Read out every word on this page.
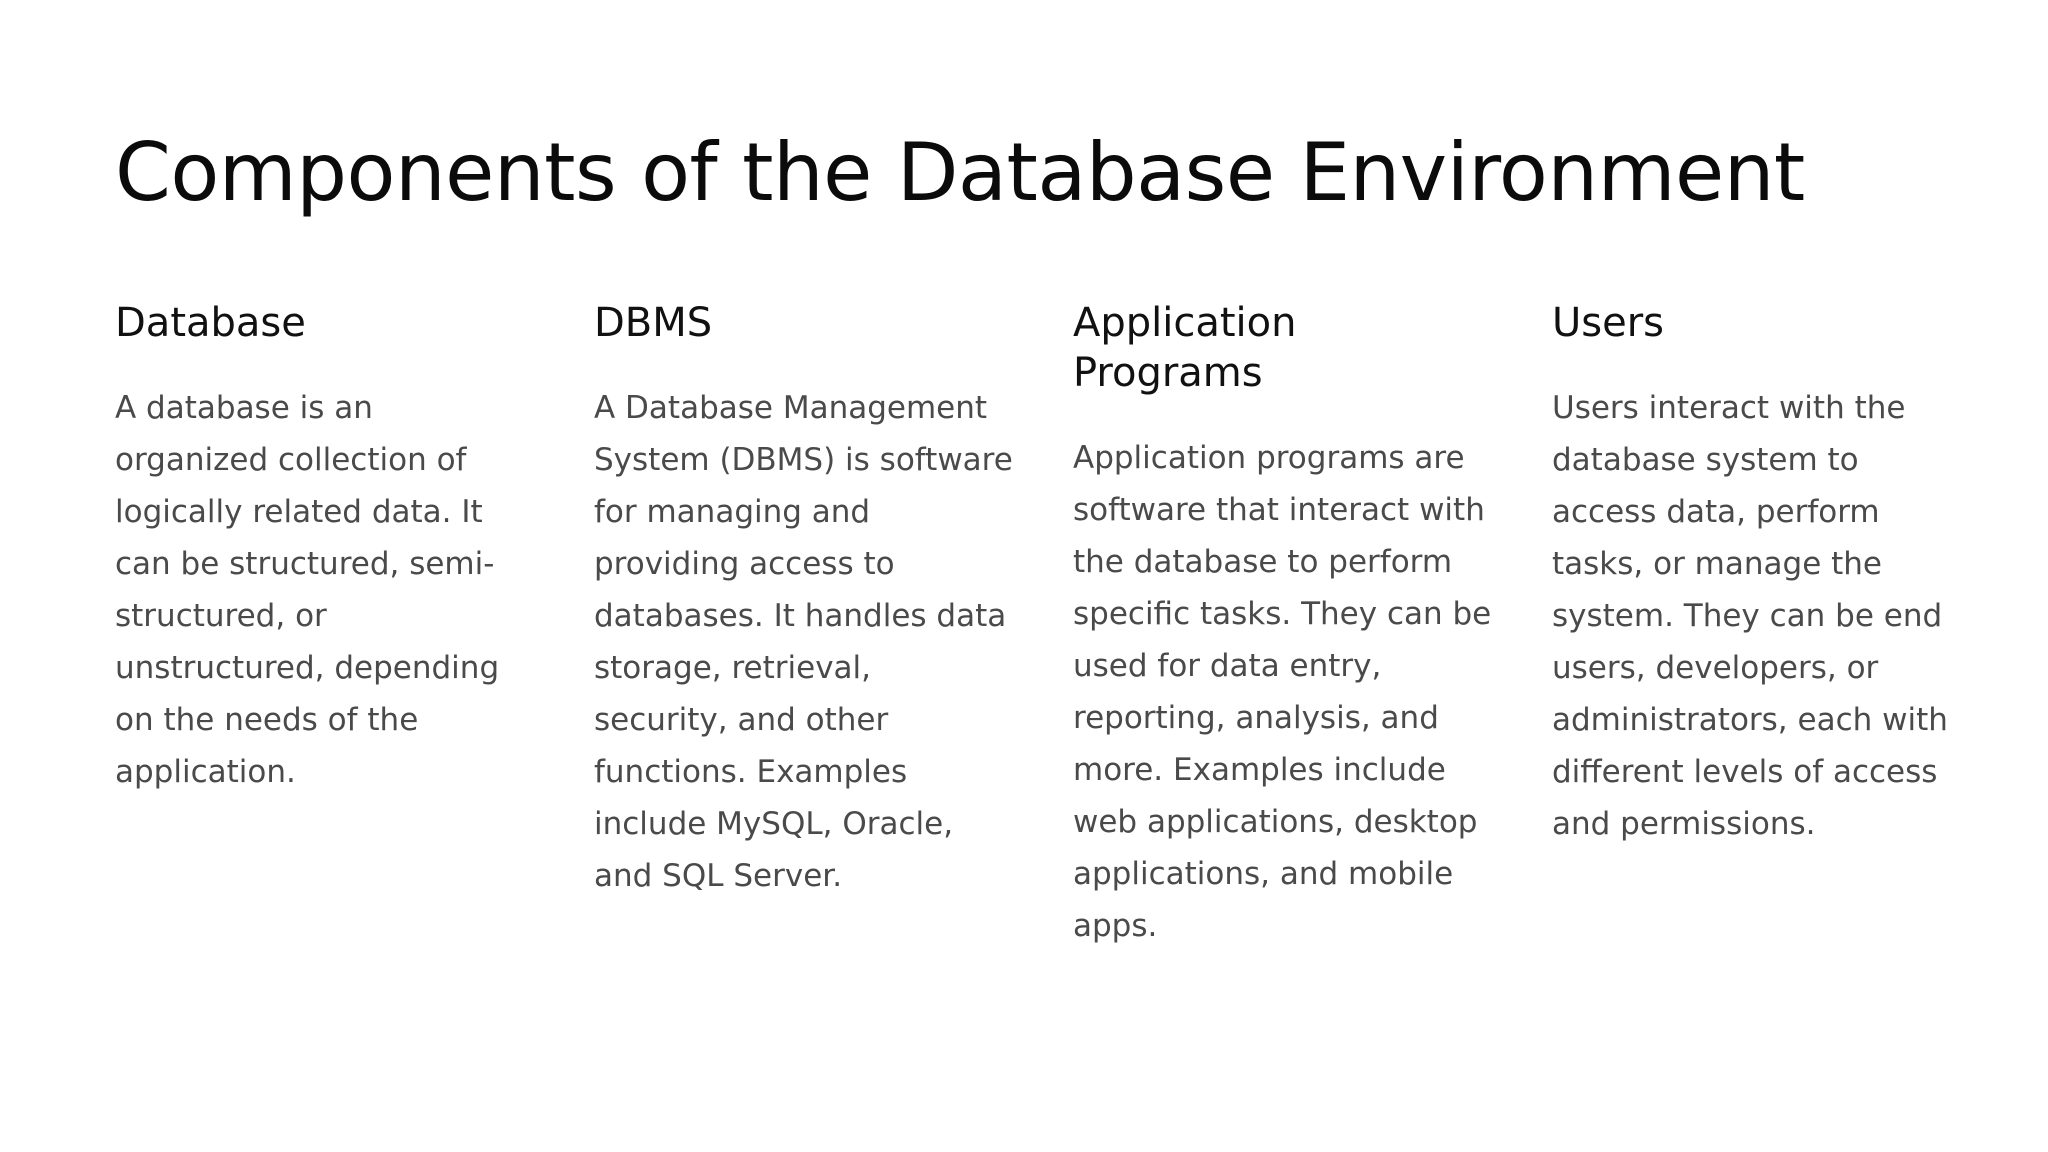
Components of the Database Environment
Database

A database is an organized collection of logically related data. It can be structured, semi-structured, or unstructured, depending on the needs of the application.

DBMS

A Database Management System (DBMS) is software for managing and providing access to databases. It handles data storage, retrieval, security, and other functions. Examples include MySQL, Oracle, and SQL Server.

Application Programs

Application programs are software that interact with the database to perform specific tasks. They can be used for data entry, reporting, analysis, and more. Examples include web applications, desktop applications, and mobile apps.

Users

Users interact with the database system to access data, perform tasks, or manage the system. They can be end users, developers, or administrators, each with different levels of access and permissions.
